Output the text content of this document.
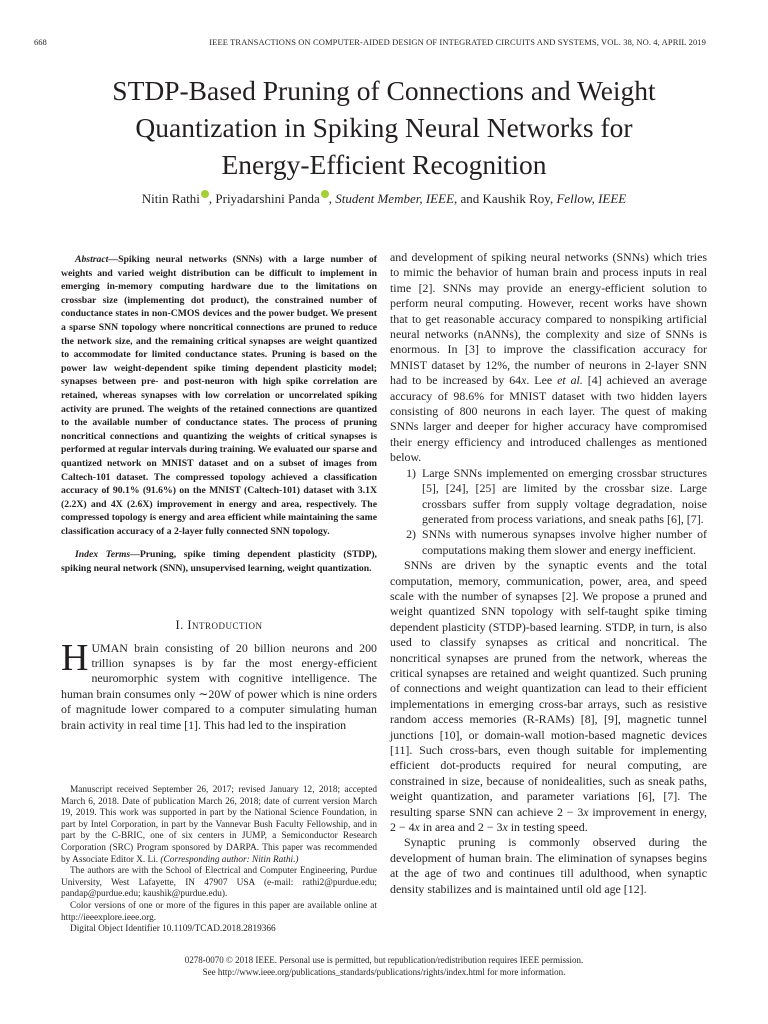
668	IEEE TRANSACTIONS ON COMPUTER-AIDED DESIGN OF INTEGRATED CIRCUITS AND SYSTEMS, VOL. 38, NO. 4, APRIL 2019
STDP-Based Pruning of Connections and Weight
Quantization in Spiking Neural Networks for
Energy-Efficient Recognition
Nitin Rathi , Priyadarshini Panda , Student Member, IEEE, and Kaushik Roy, Fellow, IEEE

Abstract—Spiking neural networks (SNNs) with a large number of weights and varied weight distribution can be difficult to implement in emerging in-memory computing hardware due to the limitations on crossbar size (implementing dot product), the constrained number of conductance states in non-CMOS devices and the power budget. We present a sparse SNN topology where noncritical connections are pruned to reduce the network size, and the remaining critical synapses are weight quantized to accommodate for limited conductance states. Pruning is based on the power law weight-dependent spike timing dependent plasticity model; synapses between pre- and post-neuron with high spike correlation are retained, whereas synapses with low correlation or uncorrelated spiking activity are pruned. The weights of the retained connections are quantized to the available number of conductance states. The process of pruning noncritical connections and quantizing the weights of critical synapses is performed at regular intervals during training. We evaluated our sparse and quantized network on MNIST dataset and on a subset of images from Caltech-101 dataset. The compressed topology achieved a classification accuracy of 90.1% (91.6%) on the MNIST (Caltech-101) dataset with 3.1X (2.2X) and 4X (2.6X) improvement in energy and area, respectively. The compressed topology is energy and area efficient while maintaining the same classification accuracy of a 2-layer fully connected SNN topology.

Index Terms—Pruning, spike timing dependent plasticity (STDP), spiking neural network (SNN), unsupervised learning, weight quantization.

I. Introduction

HUMAN brain consisting of 20 billion neurons and 200 trillion synapses is by far the most energy-efficient neuromorphic system with cognitive intelligence. The human brain consumes only ∼20W of power which is nine orders of magnitude lower compared to a computer simulating human brain activity in real time [1]. This had led to the inspiration

Manuscript received September 26, 2017; revised January 12, 2018; accepted March 6, 2018. Date of publication March 26, 2018; date of current version March 19, 2019. This work was supported in part by the National Science Foundation, in part by Intel Corporation, in part by the Vannevar Bush Faculty Fellowship, and in part by the C-BRIC, one of six centers in JUMP, a Semiconductor Research Corporation (SRC) Program sponsored by DARPA. This paper was recommended by Associate Editor X. Li. (Corresponding author: Nitin Rathi.)

The authors are with the School of Electrical and Computer Engineering, Purdue University, West Lafayette, IN 47907 USA (e-mail: rathi2@purdue.edu; pandap@purdue.edu; kaushik@purdue.edu).

Color versions of one or more of the figures in this paper are available online at http://ieeexplore.ieee.org.

Digital Object Identifier 10.1109/TCAD.2018.2819366

and development of spiking neural networks (SNNs) which tries to mimic the behavior of human brain and process inputs in real time [2]. SNNs may provide an energy-efficient solution to perform neural computing. However, recent works have shown that to get reasonable accuracy compared to nonspiking artificial neural networks (nANNs), the complexity and size of SNNs is enormous. In [3] to improve the classification accuracy for MNIST dataset by 12%, the number of neurons in 2-layer SNN had to be increased by 64x. Lee et al. [4] achieved an average accuracy of 98.6% for MNIST dataset with two hidden layers consisting of 800 neurons in each layer. The quest of making SNNs larger and deeper for higher accuracy have compromised their energy efficiency and introduced challenges as mentioned below.

1) Large SNNs implemented on emerging crossbar structures [5], [24], [25] are limited by the crossbar size. Large crossbars suffer from supply voltage degradation, noise generated from process variations, and sneak paths [6], [7].
2) SNNs with numerous synapses involve higher number of computations making them slower and energy inefficient.

SNNs are driven by the synaptic events and the total computation, memory, communication, power, area, and speed scale with the number of synapses [2]. We propose a pruned and weight quantized SNN topology with self-taught spike timing dependent plasticity (STDP)-based learning. STDP, in turn, is also used to classify synapses as critical and noncritical. The noncritical synapses are pruned from the network, whereas the critical synapses are retained and weight quantized. Such pruning of connections and weight quantization can lead to their efficient implementations in emerging cross-bar arrays, such as resistive random access memories (R-RAMs) [8], [9], magnetic tunnel junctions [10], or domain-wall motion-based magnetic devices [11]. Such cross-bars, even though suitable for implementing efficient dot-products required for neural computing, are constrained in size, because of nonidealities, such as sneak paths, weight quantization, and parameter variations [6], [7]. The resulting sparse SNN can achieve 2 − 3x improvement in energy, 2 − 4x in area and 2 − 3x in testing speed.

Synaptic pruning is commonly observed during the development of human brain. The elimination of synapses begins at the age of two and continues till adulthood, when synaptic density stabilizes and is maintained until old age [12].

0278-0070 © 2018 IEEE. Personal use is permitted, but republication/redistribution requires IEEE permission.

See http://www.ieee.org/publications_standards/publications/rights/index.html for more information.
